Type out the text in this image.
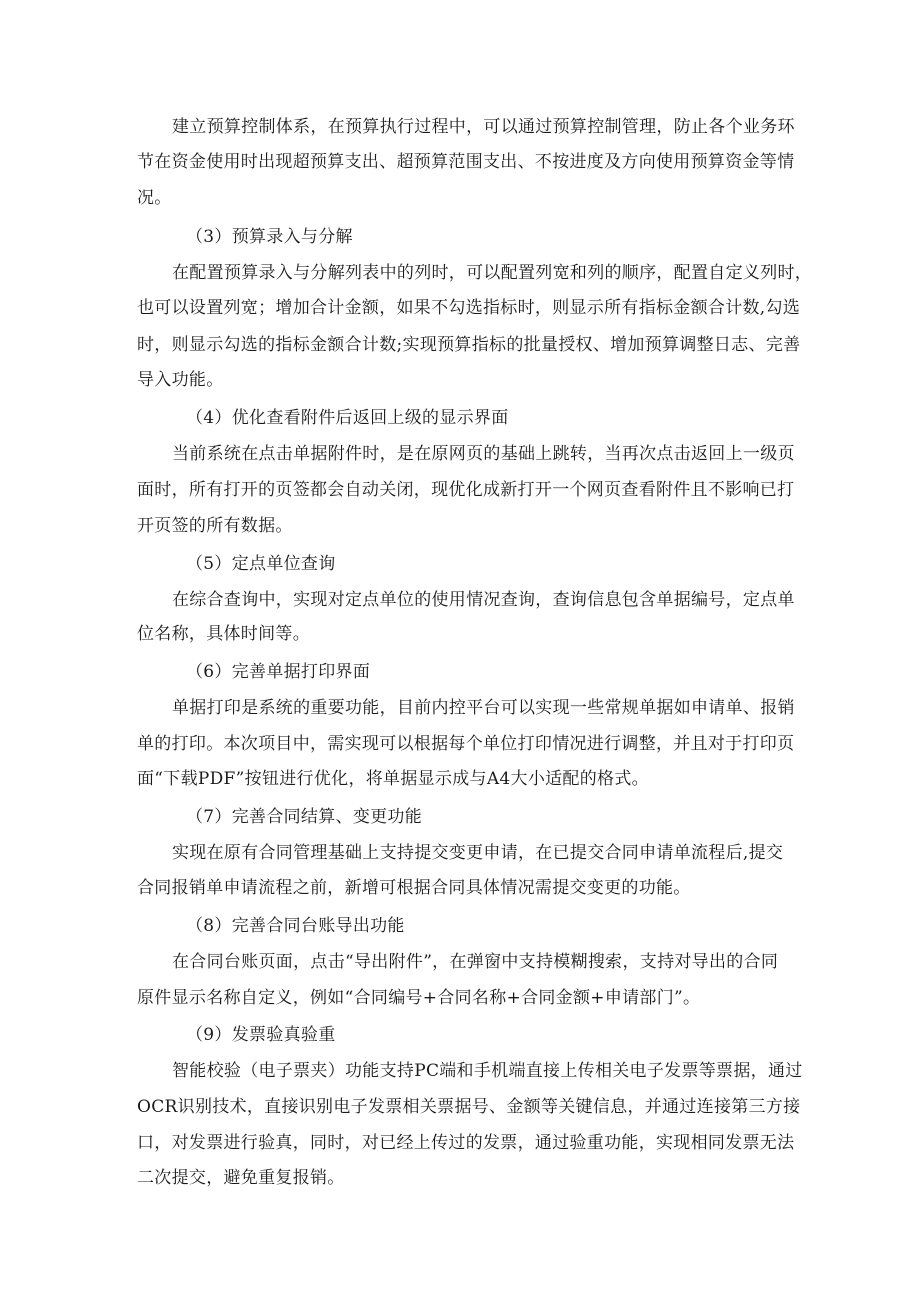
建立预算控制体系，在预算执行过程中，可以通过预算控制管理，防止各个业务环
节在资金使用时出现超预算支出、超预算范围支出、不按进度及方向使用预算资金等情
况。
（3）预算录入与分解
在配置预算录入与分解列表中的列时，可以配置列宽和列的顺序，配置自定义列时，
也可以设置列宽；增加合计金额，如果不勾选指标时，则显示所有指标金额合计数,勾选
时，则显示勾选的指标金额合计数;实现预算指标的批量授权、增加预算调整日志、完善
导入功能。
（4）优化查看附件后返回上级的显示界面
当前系统在点击单据附件时，是在原网页的基础上跳转，当再次点击返回上一级页
面时，所有打开的页签都会自动关闭，现优化成新打开一个网页查看附件且不影响已打
开页签的所有数据。
（5）定点单位查询
在综合查询中，实现对定点单位的使用情况查询，查询信息包含单据编号，定点单
位名称，具体时间等。
（6）完善单据打印界面
单据打印是系统的重要功能，目前内控平台可以实现一些常规单据如申请单、报销
单的打印。本次项目中，需实现可以根据每个单位打印情况进行调整，并且对于打印页
面“下载PDF”按钮进行优化，将单据显示成与A4大小适配的格式。
（7）完善合同结算、变更功能
实现在原有合同管理基础上支持提交变更申请，在已提交合同申请单流程后,提交
合同报销单申请流程之前，新增可根据合同具体情况需提交变更的功能。
（8）完善合同台账导出功能
在合同台账页面，点击“导出附件”，在弹窗中支持模糊搜索，支持对导出的合同
原件显示名称自定义，例如“合同编号+合同名称+合同金额+申请部门”。
（9）发票验真验重
智能校验（电子票夹）功能支持PC端和手机端直接上传相关电子发票等票据，通过
OCR识别技术，直接识别电子发票相关票据号、金额等关键信息，并通过连接第三方接
口，对发票进行验真，同时，对已经上传过的发票，通过验重功能，实现相同发票无法
二次提交，避免重复报销。
